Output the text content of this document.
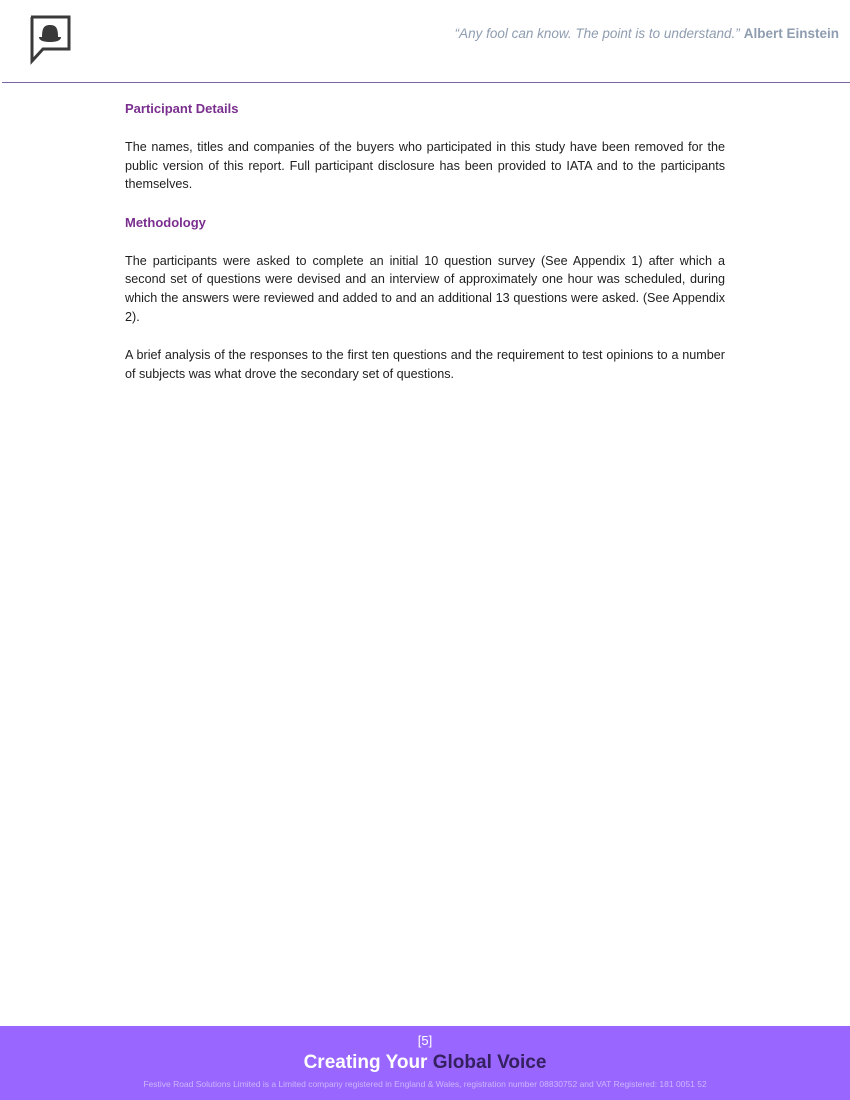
“Any fool can know. The point is to understand.” Albert Einstein

Participant Details

The names, titles and companies of the buyers who participated in this study have been removed for the public version of this report. Full participant disclosure has been provided to IATA and to the participants themselves.

Methodology

The participants were asked to complete an initial 10 question survey (See Appendix 1) after which a second set of questions were devised and an interview of approximately one hour was scheduled, during which the answers were reviewed and added to and an additional 13 questions were asked. (See Appendix 2).

A brief analysis of the responses to the first ten questions and the requirement to test opinions to a number of subjects was what drove the secondary set of questions.

[5]
Creating Your Global Voice
Festive Road Solutions Limited is a Limited company registered in England & Wales, registration number 08830752 and VAT Registered: 181 0051 52
